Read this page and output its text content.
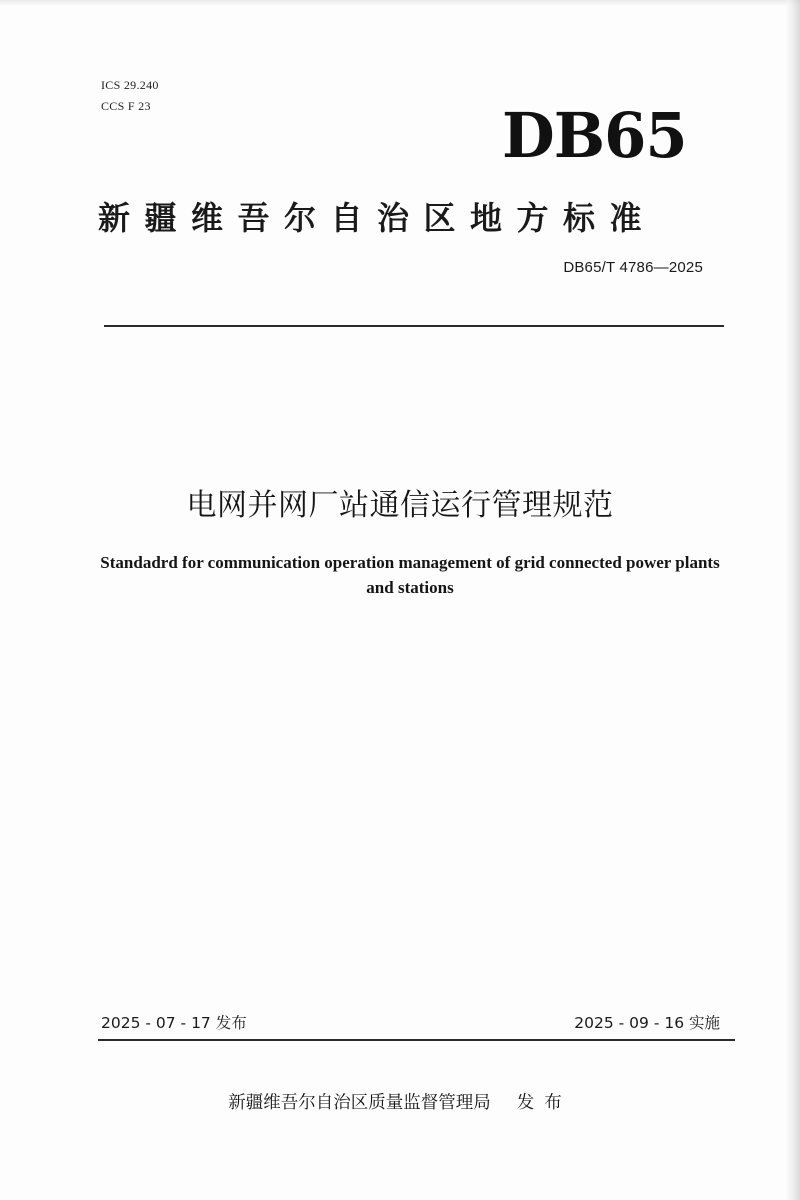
ICS 29.240
CCS F 23	DB65
新疆维吾尔自治区地方标准
DB65/T 4786—2025
电网并网厂站通信运行管理规范
Standadrd for communication operation management of grid connected power plants and stations
2025 - 07 - 17 发布	2025 - 09 - 16 实施
新疆维吾尔自治区质量监督管理局 发布
